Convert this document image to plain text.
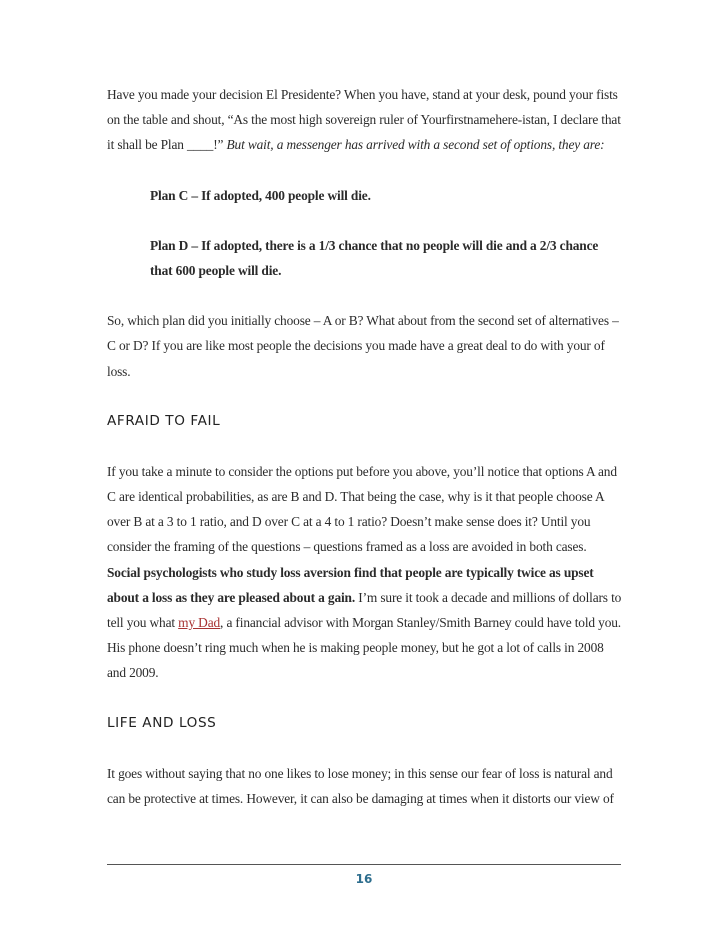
Have you made your decision El Presidente? When you have, stand at your desk, pound your fists on the table and shout, “As the most high sovereign ruler of Yourfirstnamehere-istan, I declare that it shall be Plan ____!” But wait, a messenger has arrived with a second set of options, they are:

Plan C – If adopted, 400 people will die.

Plan D – If adopted, there is a 1/3 chance that no people will die and a 2/3 chance that 600 people will die.

So, which plan did you initially choose – A or B? What about from the second set of alternatives – C or D? If you are like most people the decisions you made have a great deal to do with your of loss.

AFRAID TO FAIL

If you take a minute to consider the options put before you above, you’ll notice that options A and C are identical probabilities, as are B and D. That being the case, why is it that people choose A over B at a 3 to 1 ratio, and D over C at a 4 to 1 ratio? Doesn’t make sense does it? Until you consider the framing of the questions – questions framed as a loss are avoided in both cases. Social psychologists who study loss aversion find that people are typically twice as upset about a loss as they are pleased about a gain. I’m sure it took a decade and millions of dollars to tell you what my Dad, a financial advisor with Morgan Stanley/Smith Barney could have told you. His phone doesn’t ring much when he is making people money, but he got a lot of calls in 2008 and 2009.

LIFE AND LOSS

It goes without saying that no one likes to lose money; in this sense our fear of loss is natural and can be protective at times. However, it can also be damaging at times when it distorts our view of

16
